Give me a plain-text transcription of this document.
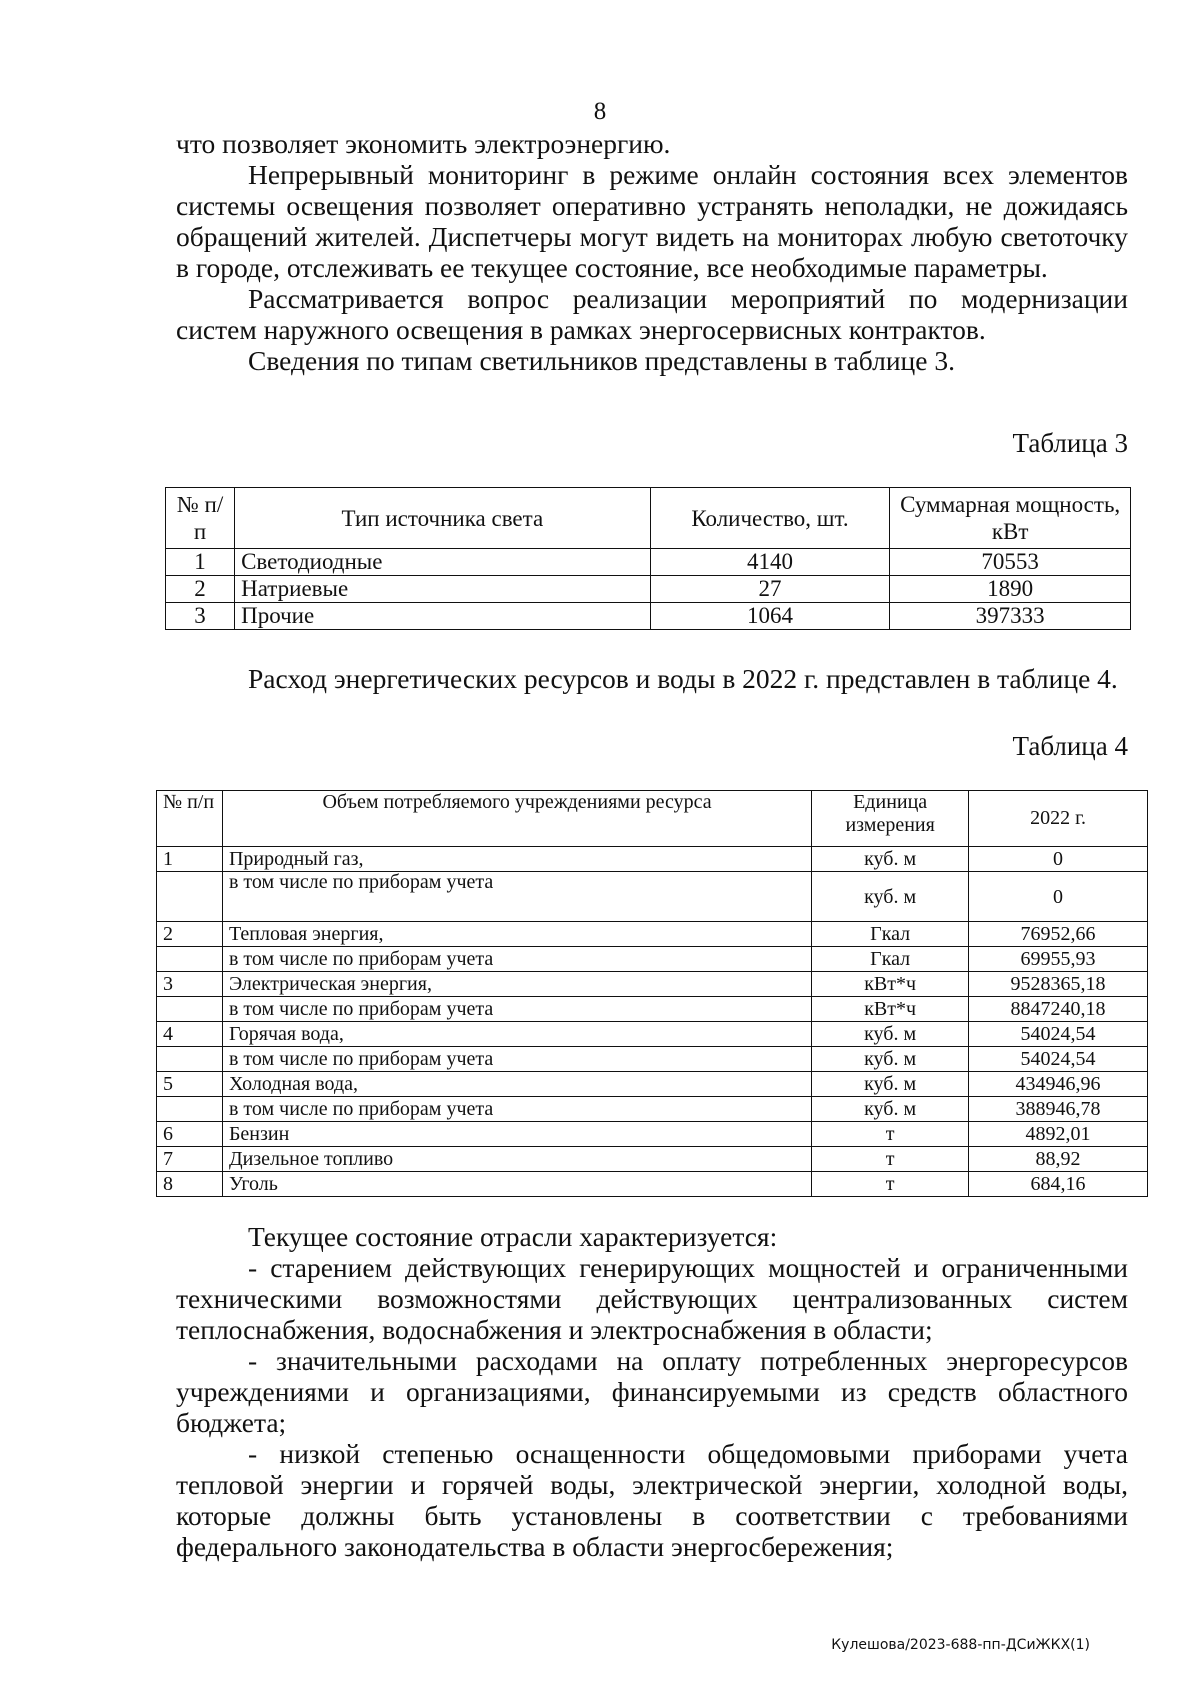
8

что позволяет экономить электроэнергию.

Непрерывный мониторинг в режиме онлайн состояния всех элементов системы освещения позволяет оперативно устранять неполадки, не дожидаясь обращений жителей. Диспетчеры могут видеть на мониторах любую светоточку в городе, отслеживать ее текущее состояние, все необходимые параметры.

Рассматривается вопрос реализации мероприятий по модернизации систем наружного освещения в рамках энергосервисных контрактов.

Сведения по типам светильников представлены в таблице 3.

Таблица 3
№ п/п	Тип источника света	Количество, шт.	Суммарная мощность, кВт
1	Светодиодные	4140	70553
2	Натриевые	27	1890
3	Прочие	1064	397333
Расход энергетических ресурсов и воды в 2022 г. представлен в таблице 4.
Таблица 4
№ п/п	Объем потребляемого учреждениями ресурса	Единица измерения	2022 г.
1	Природный газ,	куб. м	0
	в том числе по приборам учета	куб. м	0
2	Тепловая энергия,	Гкал	76952,66
	в том числе по приборам учета	Гкал	69955,93
3	Электрическая энергия,	кВт*ч	9528365,18
	в том числе по приборам учета	кВт*ч	8847240,18
4	Горячая вода,	куб. м	54024,54
	в том числе по приборам учета	куб. м	54024,54
5	Холодная вода,	куб. м	434946,96
	в том числе по приборам учета	куб. м	388946,78
6	Бензин	т	4892,01
7	Дизельное топливо	т	88,92
8	Уголь	т	684,16

Текущее состояние отрасли характеризуется:

- старением действующих генерирующих мощностей и ограниченными техническими возможностями действующих централизованных систем теплоснабжения, водоснабжения и электроснабжения в области;

- значительными расходами на оплату потребленных энергоресурсов учреждениями и организациями, финансируемыми из средств областного бюджета;

- низкой степенью оснащенности общедомовыми приборами учета тепловой энергии и горячей воды, электрической энергии, холодной воды, которые должны быть установлены в соответствии с требованиями федерального законодательства в области энергосбережения;

Кулешова/2023-688-пп-ДСиЖКХ(1)
